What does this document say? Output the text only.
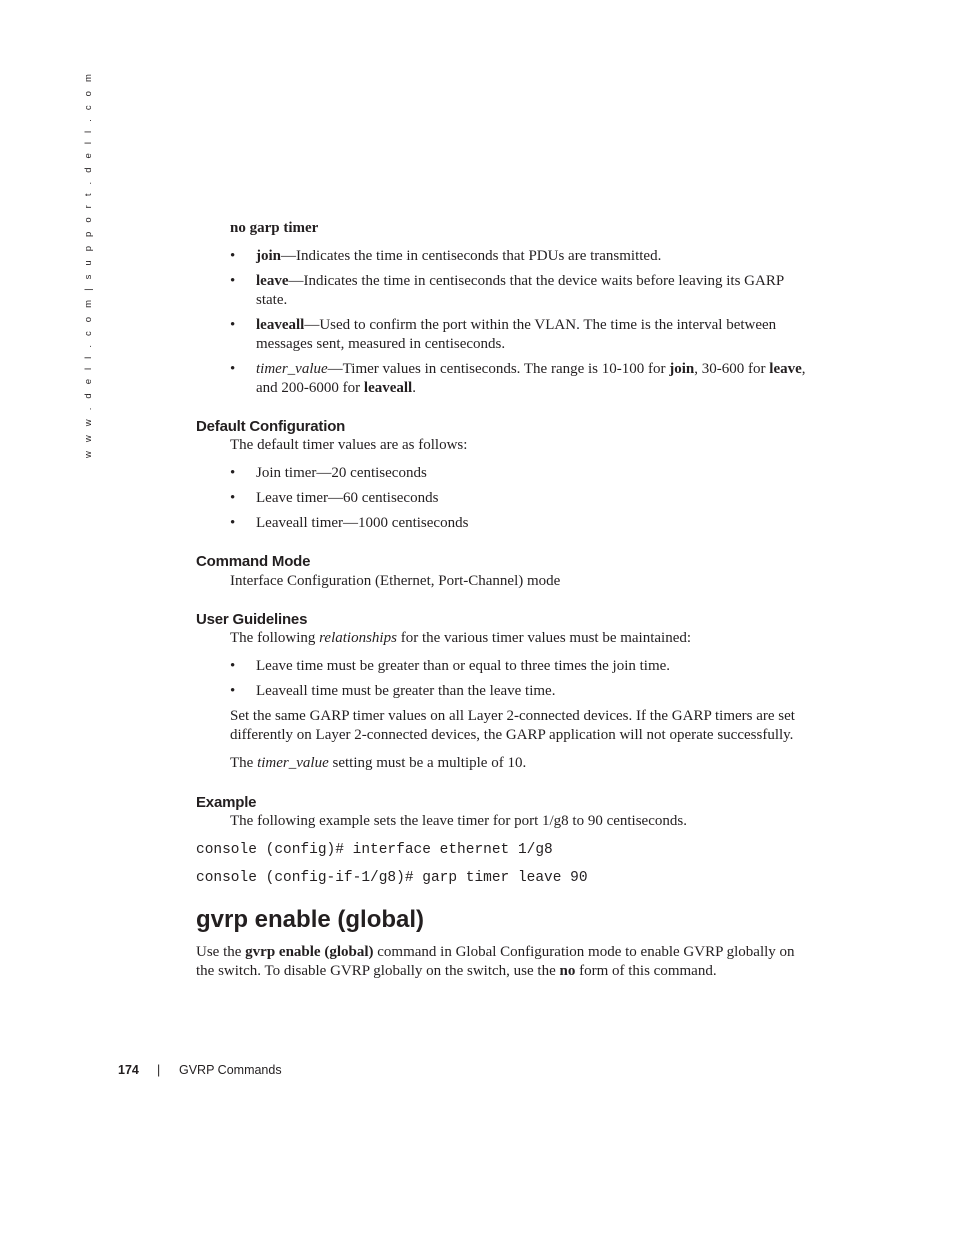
w w w . d e l l . c o m | s u p p o r t . d e l l . c o m	no garp timer
• join—Indicates the time in centiseconds that PDUs are transmitted.
• leave—Indicates the time in centiseconds that the device waits before leaving its GARP state.
• leaveall—Used to confirm the port within the VLAN. The time is the interval between messages sent, measured in centiseconds.
• timer_value—Timer values in centiseconds. The range is 10-100 for join, 30-600 for leave, and 200-6000 for leaveall.
Default Configuration
The default timer values are as follows:
• Join timer—20 centiseconds
• Leave timer—60 centiseconds
• Leaveall timer—1000 centiseconds
Command Mode
Interface Configuration (Ethernet, Port-Channel) mode
User Guidelines
The following relationships for the various timer values must be maintained:
• Leave time must be greater than or equal to three times the join time.
• Leaveall time must be greater than the leave time.
Set the same GARP timer values on all Layer 2-connected devices. If the GARP timers are set
differently on Layer 2-connected devices, the GARP application will not operate successfully.
The timer_value setting must be a multiple of 10.
Example
The following example sets the leave timer for port 1/g8 to 90 centiseconds.
console (config)# interface ethernet 1/g8
console (config-if-1/g8)# garp timer leave 90
gvrp enable (global)
Use the gvrp enable (global) command in Global Configuration mode to enable GVRP globally on
the switch. To disable GVRP globally on the switch, use the no form of this command.
174 | GVRP Commands
